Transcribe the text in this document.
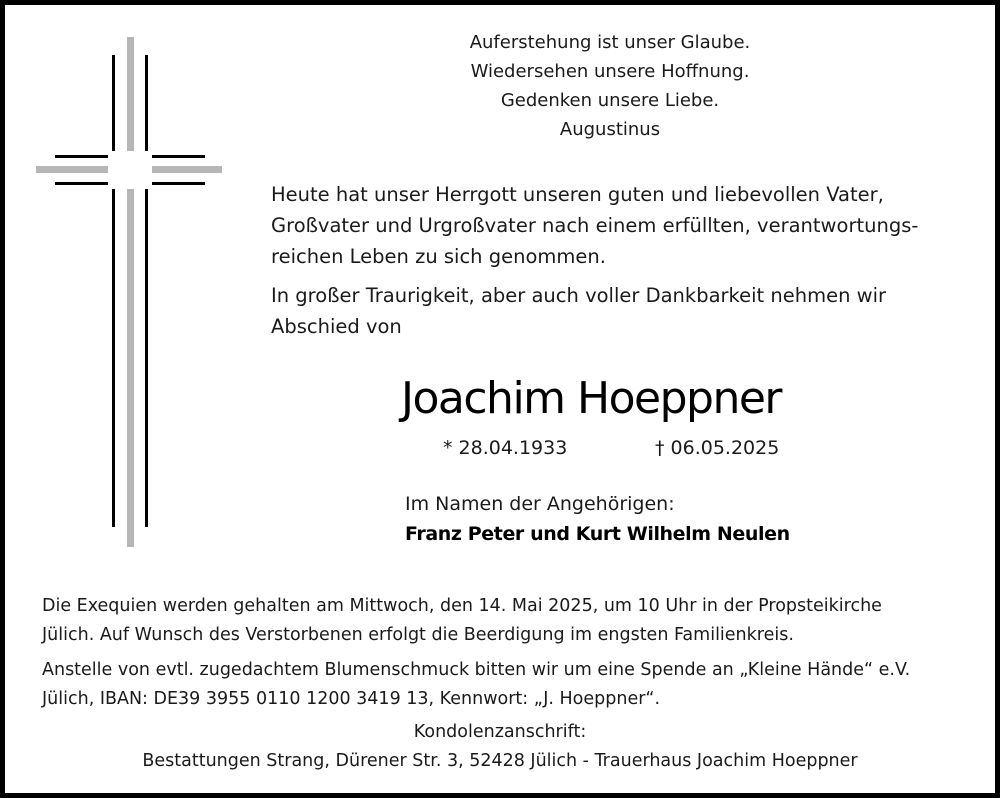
Auferstehung ist unser Glaube.
Wiedersehen unsere Hoffnung.
Gedenken unsere Liebe.
Augustinus
Heute hat unser Herrgott unseren guten und liebevollen Vater,
Großvater und Urgroßvater nach einem erfüllten, verantwortungs-
reichen Leben zu sich genommen.
In großer Traurigkeit, aber auch voller Dankbarkeit nehmen wir
Abschied von
Joachim Hoeppner
* 28.04.1933	† 06.05.2025
Im Namen der Angehörigen:
Franz Peter und Kurt Wilhelm Neulen
Die Exequien werden gehalten am Mittwoch, den 14. Mai 2025, um 10 Uhr in der Propsteikirche
Jülich. Auf Wunsch des Verstorbenen erfolgt die Beerdigung im engsten Familienkreis.
Anstelle von evtl. zugedachtem Blumenschmuck bitten wir um eine Spende an „Kleine Hände“ e.V.
Jülich, IBAN: DE39 3955 0110 1200 3419 13, Kennwort: „J. Hoeppner“.
Kondolenzanschrift:
Bestattungen Strang, Dürener Str. 3, 52428 Jülich - Trauerhaus Joachim Hoeppner
